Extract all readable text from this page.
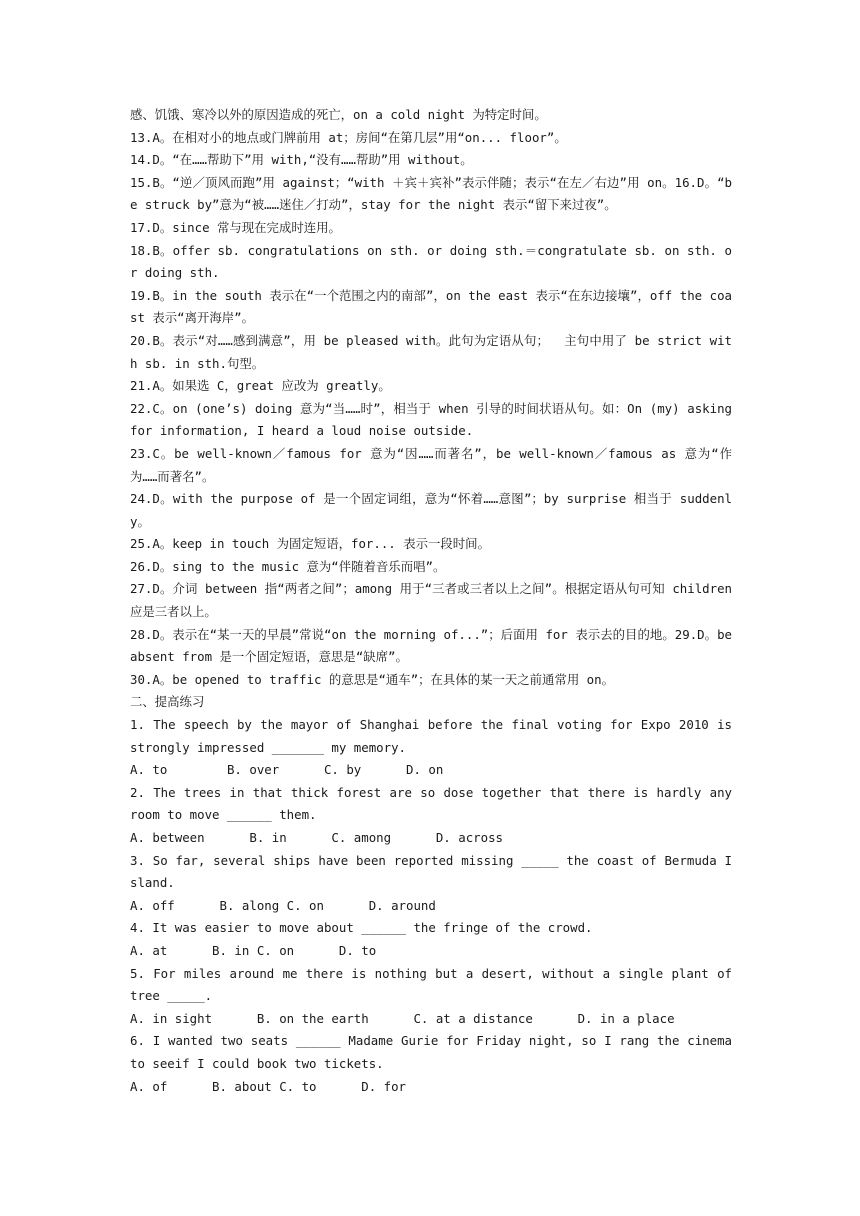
感、饥饿、寒冷以外的原因造成的死亡，on a cold night 为特定时间。
13.A。在相对小的地点或门牌前用 at；房间“在第几层”用“on... floor”。
14.D。“在……帮助下”用 with,“没有……帮助”用 without。
15.B。“逆／顶风而跑”用 against；“with ＋宾＋宾补”表示伴随；表示“在左／右边”用 on。16.D。“be struck by”意为“被……迷住／打动”，stay for the night 表示“留下来过夜”。
17.D。since 常与现在完成时连用。
18.B。offer sb. congratulations on sth. or doing sth.＝congratulate sb. on sth. or doing sth.
19.B。in the south 表示在“一个范围之内的南部”，on the east 表示“在东边接壤”，off the coast 表示“离开海岸”。
20.B。表示“对……感到满意”，用 be pleased with。此句为定语从句；  主句中用了 be strict with sb. in sth.句型。
21.A。如果选 C，great 应改为 greatly。
22.C。on (one’s) doing 意为“当……时”，相当于 when 引导的时间状语从句。如：On (my) asking for information, I heard a loud noise outside.
23.C。be well-known／famous for 意为“因……而著名”，be well-known／famous as 意为“作为……而著名”。
24.D。with the purpose of 是一个固定词组，意为“怀着……意图”；by surprise 相当于 suddenly。
25.A。keep in touch 为固定短语，for... 表示一段时间。
26.D。sing to the music 意为“伴随着音乐而唱”。
27.D。介词 between 指“两者之间”；among 用于“三者或三者以上之间”。根据定语从句可知 children 应是三者以上。
28.D。表示在“某一天的早晨”常说“on the morning of...”；后面用 for 表示去的目的地。29.D。be absent from 是一个固定短语，意思是“缺席”。
30.A。be opened to traffic 的意思是“通车”；在具体的某一天之前通常用 on。
二、提高练习
1. The speech by the mayor of Shanghai before the final voting for Expo 2010 is strongly impressed _______ my memory.
A. to        B. over      C. by      D. on
2. The trees in that thick forest are so dose together that there is hardly any room to move ______ them.
A. between      B. in      C. among      D. across
3. So far, several ships have been reported missing _____ the coast of Bermuda Island.
A. off      B. along C. on      D. around
4. It was easier to move about ______ the fringe of the crowd.
A. at      B. in C. on      D. to
5. For miles around me there is nothing but a desert, without a single plant of tree _____.
A. in sight      B. on the earth      C. at a distance      D. in a place
6. I wanted two seats ______ Madame Gurie for Friday night, so I rang the cinema to seeif I could book two tickets.
A. of      B. about C. to      D. for
